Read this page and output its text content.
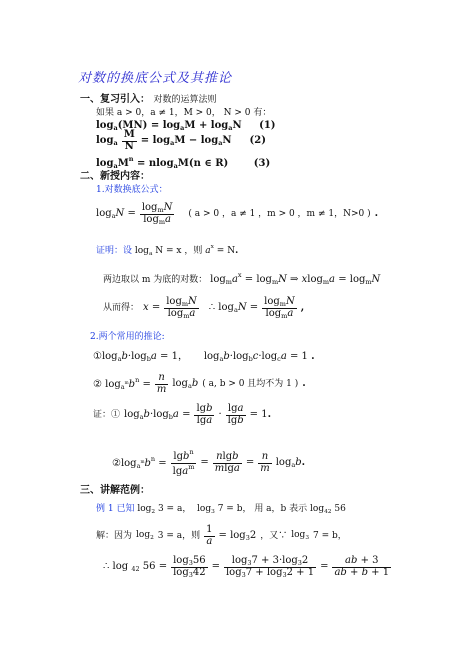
对数的换底公式及其推论
一、复习引入： 对数的运算法则
如果 a > 0，a ≠ 1，M > 0， N > 0 有：
$\log_a(MN) = \log_aM + \log_aN$ (1)
$\log_a \frac{M}{N} = \log_aM - \log_aN$ (2)
$\log_aM^n = nlog_aM(n$ ∈ R) (3)
二、新授内容：
1.对数换底公式：
$\log_aN = \frac{\log_mN}{\log_ma}$ ( a > 0 ，a ≠ 1 ，m > 0 ，m ≠ 1，N>0 ) .
证明：设 $\log_a N = x$ ，则 $a^x = N$.
两边取以 m 为底的对数： $\log_ma^x = \log_mN$ ⇒ $xlog_ma = \log_mN$
从而得： $x = \frac{\log_mN}{\log_ma}$ ∴ $\log_aN = \frac{\log_mN}{\log_ma}$ ,
2.两个常用的推论:
$①\log_ab\cdot\log_ba = 1$，     $\log_ab\cdot\log_bc\cdot\log_ca = 1$ .
② $\log_{a^m}b^n = \frac{n}{m} \log_ab$ ( a, b > 0 且均不为 1 ) .
证：① $\log_ab\cdot\log_ba = \frac{\lg b}{\lg a} \cdot \frac{\lg a}{\lg b} = 1$.
$②\log_{a^m}b^n = \frac{\lg b^n}{\lg a^m} = \frac{nlgb}{mlga} = \frac{n}{m} \log_ab$.
三、讲解范例：
例 1 已知 $\log_2 3 = a$，  $\log_3 7 = b$， 用 a，b 表示 $\log_{42} 56$
解：因为 $\log_2 3 = a$，则 $\frac{1}{a} = \log_32$ ，又∵ $\log_3 7 = b$，
∴ log $_{42}$ $56 = \frac{\log_356}{\log_342} = \frac{\log_37 + 3\cdot\log_32}{\log_37 + \log_32 + 1} = \frac{ab + 3}{ab + b + 1}$
